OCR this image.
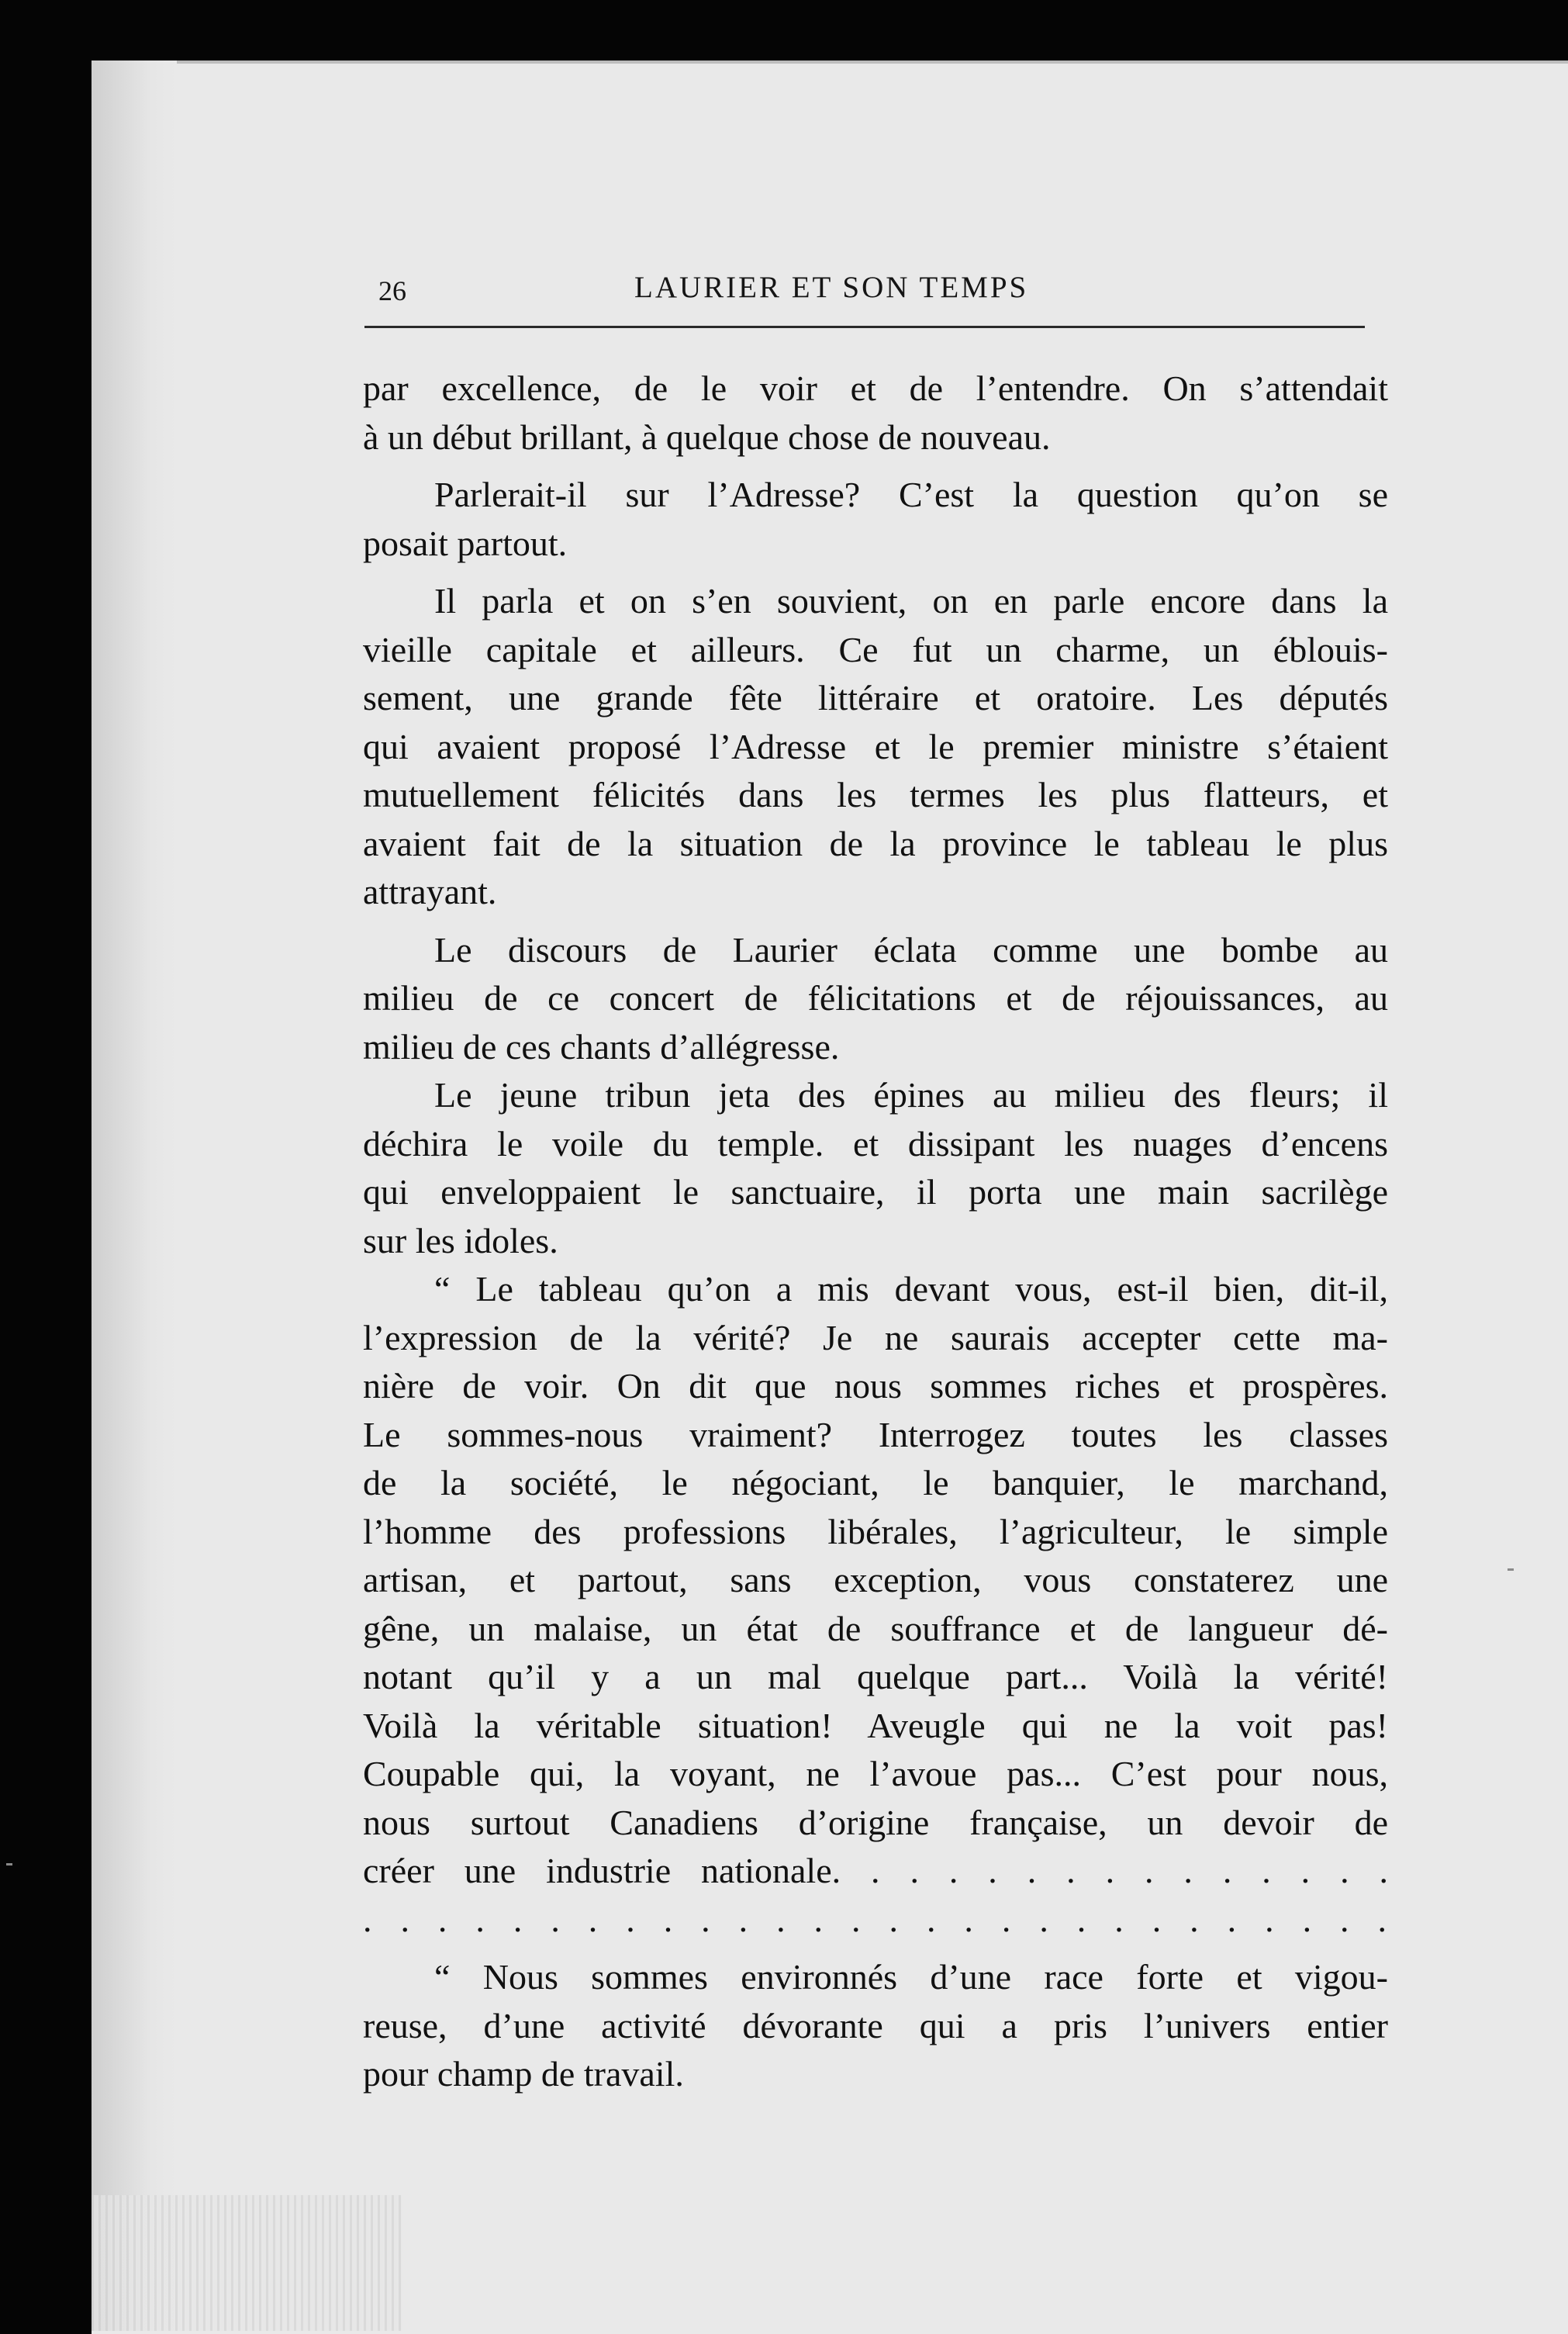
26	LAURIER ET SON TEMPS
par excellence, de le voir et de l’entendre. On s’attendait
à un début brillant, à quelque chose de nouveau.
Parlerait-il sur l’Adresse? C’est la question qu’on se
posait partout.
Il parla et on s’en souvient, on en parle encore dans la
vieille capitale et ailleurs. Ce fut un charme, un éblouis-
sement, une grande fête littéraire et oratoire. Les députés
qui avaient proposé l’Adresse et le premier ministre s’étaient
mutuellement félicités dans les termes les plus flatteurs, et
avaient fait de la situation de la province le tableau le plus
attrayant.
Le discours de Laurier éclata comme une bombe au
milieu de ce concert de félicitations et de réjouissances, au
milieu de ces chants d’allégresse.
Le jeune tribun jeta des épines au milieu des fleurs; il
déchira le voile du temple. et dissipant les nuages d’encens
qui enveloppaient le sanctuaire, il porta une main sacrilège
sur les idoles.
“ Le tableau qu’on a mis devant vous, est-il bien, dit-il,
l’expression de la vérité? Je ne saurais accepter cette ma-
nière de voir. On dit que nous sommes riches et prospères.
Le sommes-nous vraiment? Interrogez toutes les classes
de la société, le négociant, le banquier, le marchand,
l’homme des professions libérales, l’agriculteur, le simple
artisan, et partout, sans exception, vous constaterez une
gêne, un malaise, un état de souffrance et de langueur dé-
notant qu’il y a un mal quelque part... Voilà la vérité!
Voilà la véritable situation! Aveugle qui ne la voit pas!
Coupable qui, la voyant, ne l’avoue pas... C’est pour nous,
nous surtout Canadiens d’origine française, un devoir de
créer une industrie nationale. . . . . . . . . . . . . . .
. . . . . . . . . . . . . . . . . . . . . . . . . . . .
“ Nous sommes environnés d’une race forte et vigou-
reuse, d’une activité dévorante qui a pris l’univers entier
pour champ de travail.
